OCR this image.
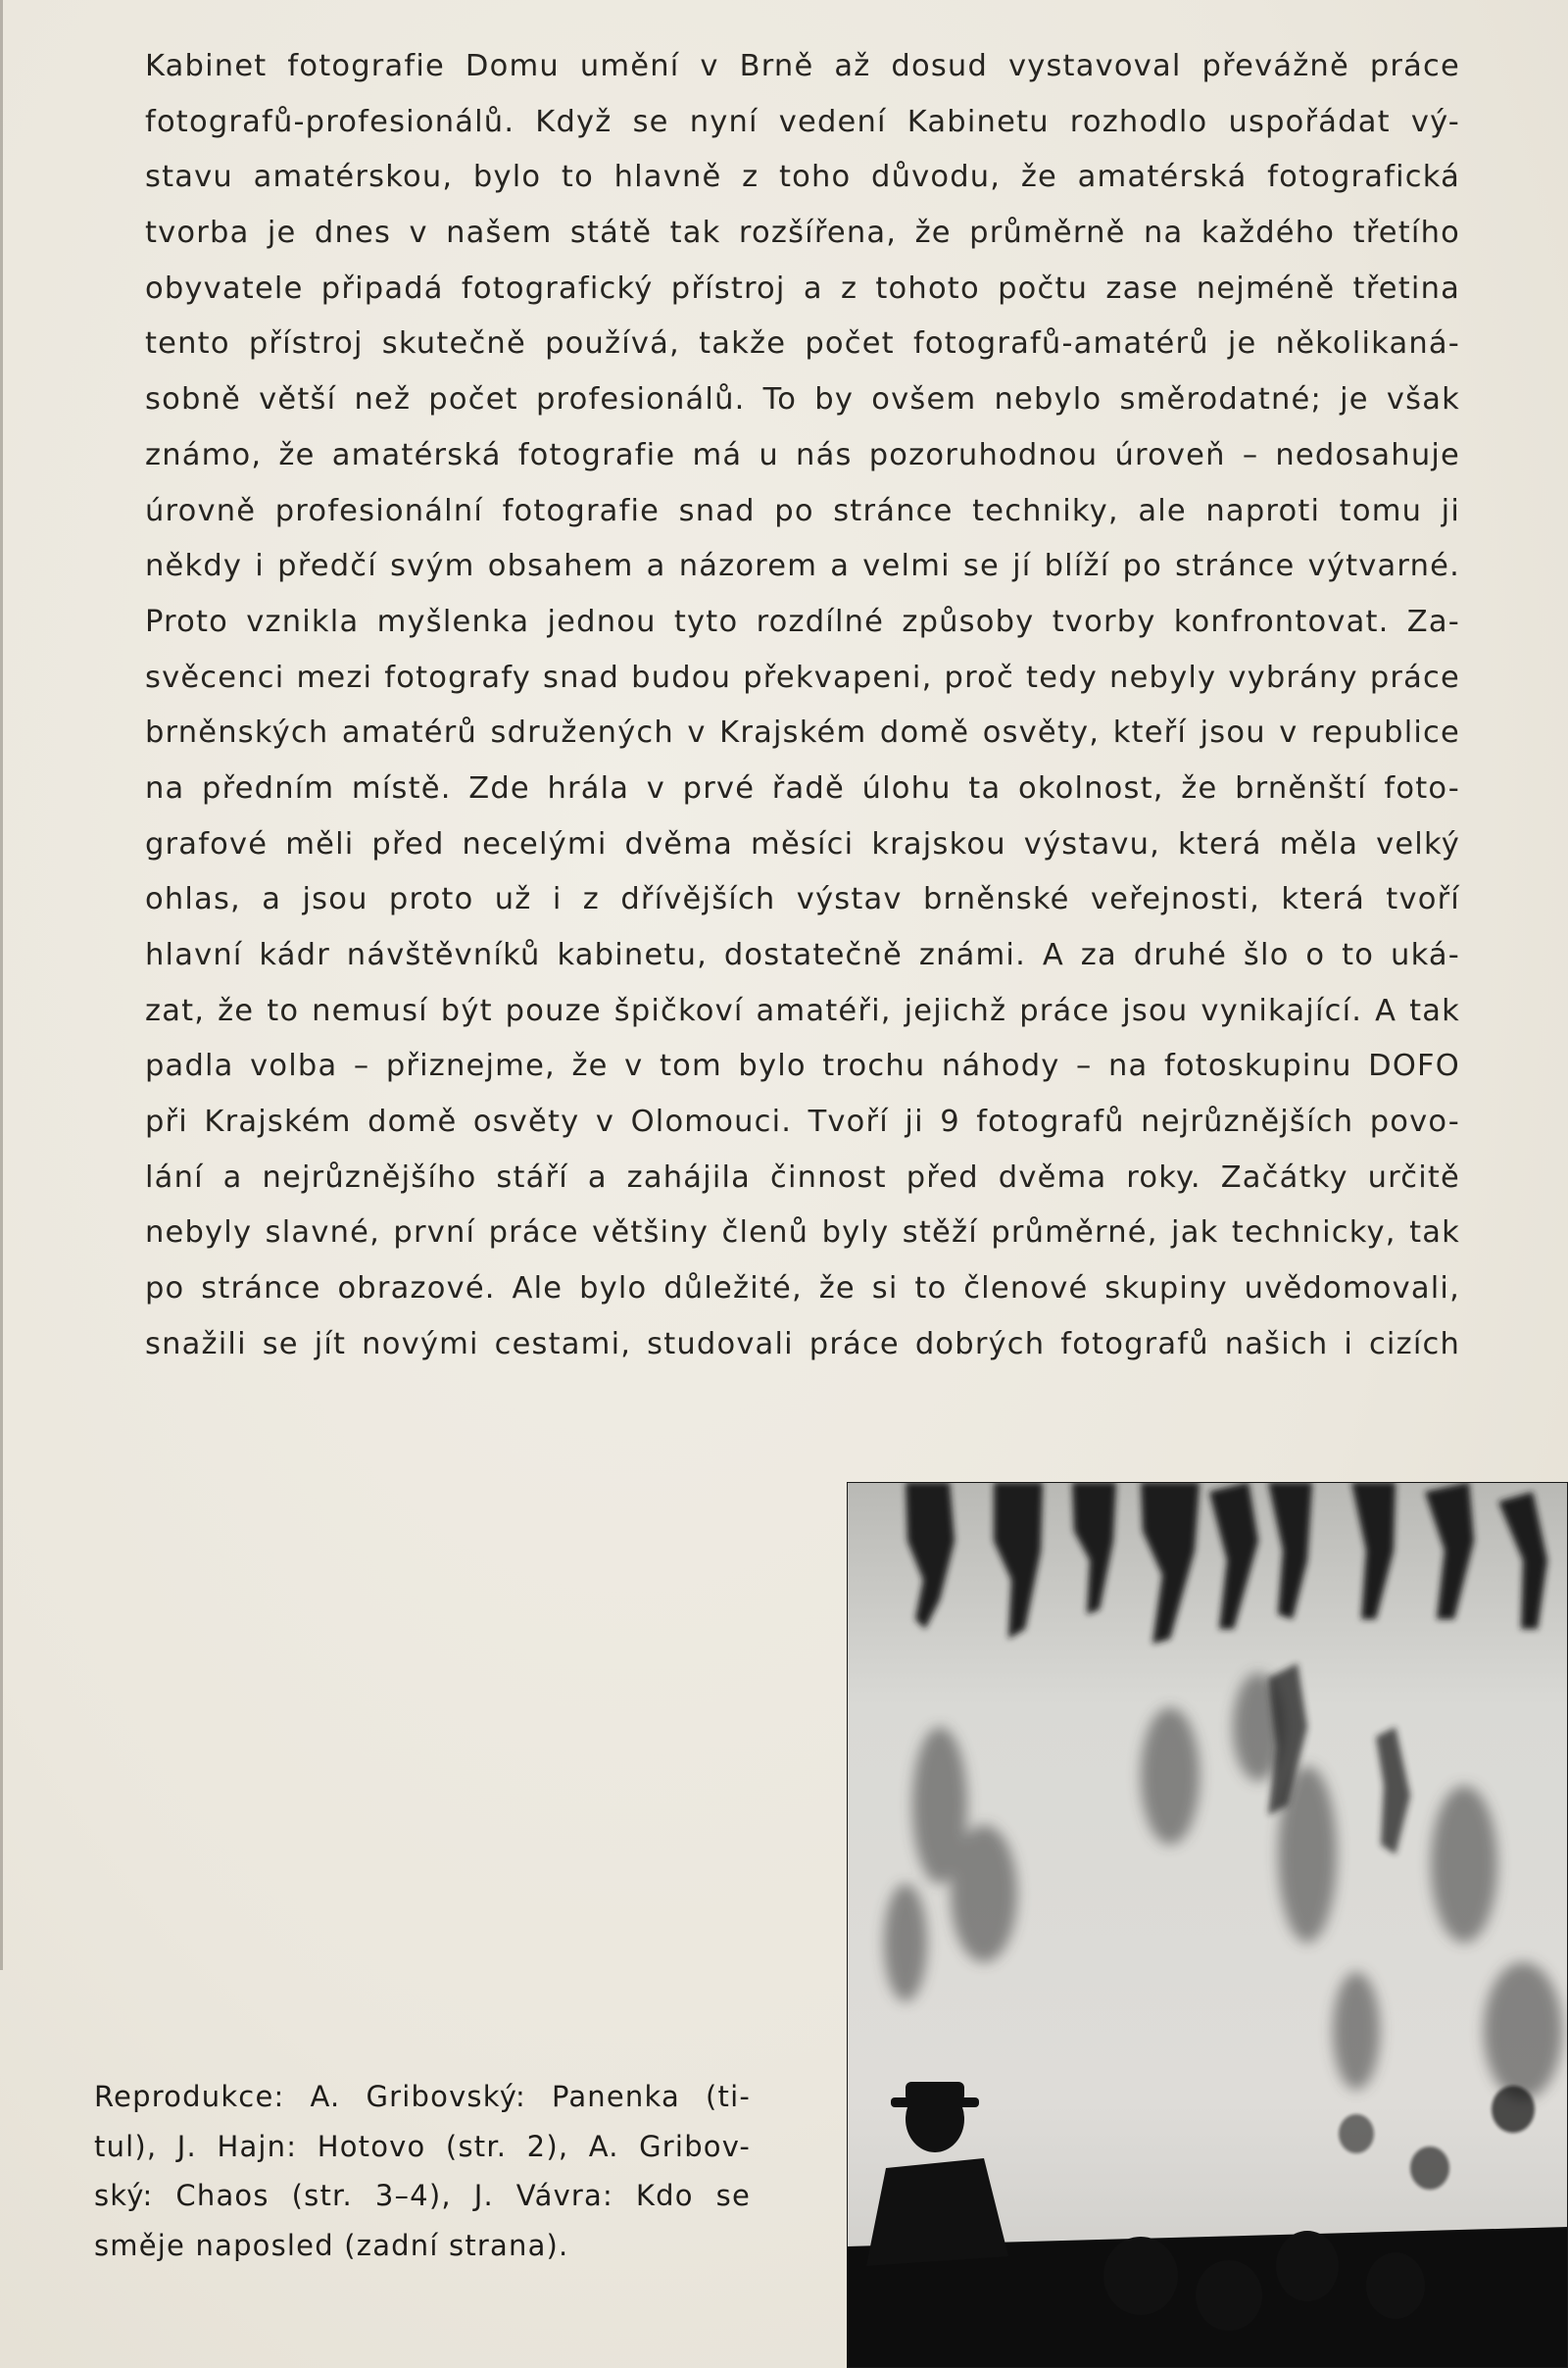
Kabinet fotografie Domu umění v Brně až dosud vystavoval převážně práce
fotografů-profesionálů. Když se nyní vedení Kabinetu rozhodlo uspořádat vý-
stavu amatérskou, bylo to hlavně z toho důvodu, že amatérská fotografická
tvorba je dnes v našem státě tak rozšířena, že průměrně na každého třetího
obyvatele připadá fotografický přístroj a z tohoto počtu zase nejméně třetina
tento přístroj skutečně používá, takže počet fotografů-amatérů je několikaná-
sobně větší než počet profesionálů. To by ovšem nebylo směrodatné; je však
známo, že amatérská fotografie má u nás pozoruhodnou úroveň – nedosahuje
úrovně profesionální fotografie snad po stránce techniky, ale naproti tomu ji
někdy i předčí svým obsahem a názorem a velmi se jí blíží po stránce výtvarné.
Proto vznikla myšlenka jednou tyto rozdílné způsoby tvorby konfrontovat. Za-
svěcenci mezi fotografy snad budou překvapeni, proč tedy nebyly vybrány práce
brněnských amatérů sdružených v Krajském domě osvěty, kteří jsou v republice
na předním místě. Zde hrála v prvé řadě úlohu ta okolnost, že brněnští foto-
grafové měli před necelými dvěma měsíci krajskou výstavu, která měla velký
ohlas, a jsou proto už i z dřívějších výstav brněnské veřejnosti, která tvoří
hlavní kádr návštěvníků kabinetu, dostatečně známi. A za druhé šlo o to uká-
zat, že to nemusí být pouze špičkoví amatéři, jejichž práce jsou vynikající. A tak
padla volba – přiznejme, že v tom bylo trochu náhody – na fotoskupinu DOFO
při Krajském domě osvěty v Olomouci. Tvoří ji 9 fotografů nejrůznějších povo-
lání a nejrůznějšího stáří a zahájila činnost před dvěma roky. Začátky určitě
nebyly slavné, první práce většiny členů byly stěží průměrné, jak technicky, tak
po stránce obrazové. Ale bylo důležité, že si to členové skupiny uvědomovali,
snažili se jít novými cestami, studovali práce dobrých fotografů našich i cizích
Reprodukce: A. Gribovský: Panenka (ti-
tul), J. Hajn: Hotovo (str. 2), A. Gribov-
ský: Chaos (str. 3–4), J. Vávra: Kdo se
směje naposled (zadní strana).
